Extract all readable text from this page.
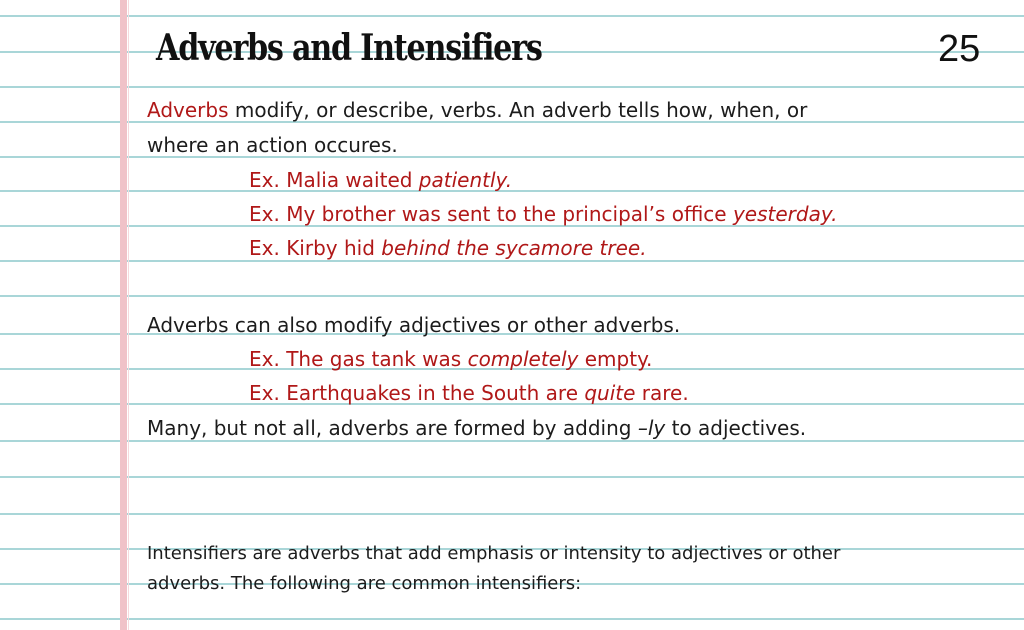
Adverbs and Intensifiers	25

Adverbs modify, or describe, verbs. An adverb tells how, when, or

where an action occures.

Ex. Malia waited patiently.

Ex. My brother was sent to the principal’s office yesterday.

Ex. Kirby hid behind the sycamore tree.

Adverbs can also modify adjectives or other adverbs.

Ex. The gas tank was completely empty.

Ex. Earthquakes in the South are quite rare.

Many, but not all, adverbs are formed by adding –ly to adjectives.

Intensifiers are adverbs that add emphasis or intensity to adjectives or other

adverbs. The following are common intensifiers:
